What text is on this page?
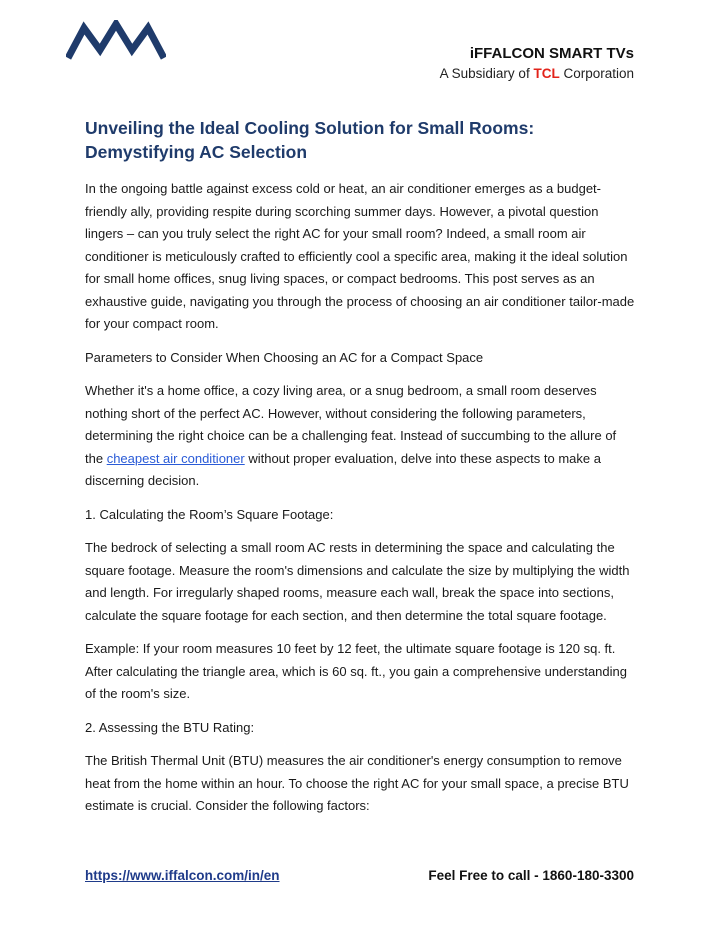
iFFALCON SMART TVs
A Subsidiary of TCL Corporation
Unveiling the Ideal Cooling Solution for Small Rooms: Demystifying AC Selection

In the ongoing battle against excess cold or heat, an air conditioner emerges as a budget-friendly ally, providing respite during scorching summer days. However, a pivotal question lingers – can you truly select the right AC for your small room? Indeed, a small room air conditioner is meticulously crafted to efficiently cool a specific area, making it the ideal solution for small home offices, snug living spaces, or compact bedrooms. This post serves as an exhaustive guide, navigating you through the process of choosing an air conditioner tailor-made for your compact room.

Parameters to Consider When Choosing an AC for a Compact Space

Whether it's a home office, a cozy living area, or a snug bedroom, a small room deserves nothing short of the perfect AC. However, without considering the following parameters, determining the right choice can be a challenging feat. Instead of succumbing to the allure of the cheapest air conditioner without proper evaluation, delve into these aspects to make a discerning decision.

1. Calculating the Room’s Square Footage:

The bedrock of selecting a small room AC rests in determining the space and calculating the square footage. Measure the room's dimensions and calculate the size by multiplying the width and length. For irregularly shaped rooms, measure each wall, break the space into sections, calculate the square footage for each section, and then determine the total square footage.

Example: If your room measures 10 feet by 12 feet, the ultimate square footage is 120 sq. ft. After calculating the triangle area, which is 60 sq. ft., you gain a comprehensive understanding of the room's size.

2. Assessing the BTU Rating:

The British Thermal Unit (BTU) measures the air conditioner's energy consumption to remove heat from the home within an hour. To choose the right AC for your small space, a precise BTU estimate is crucial. Consider the following factors:

https://www.iffalcon.com/in/en	Feel Free to call - 1860-180-3300
